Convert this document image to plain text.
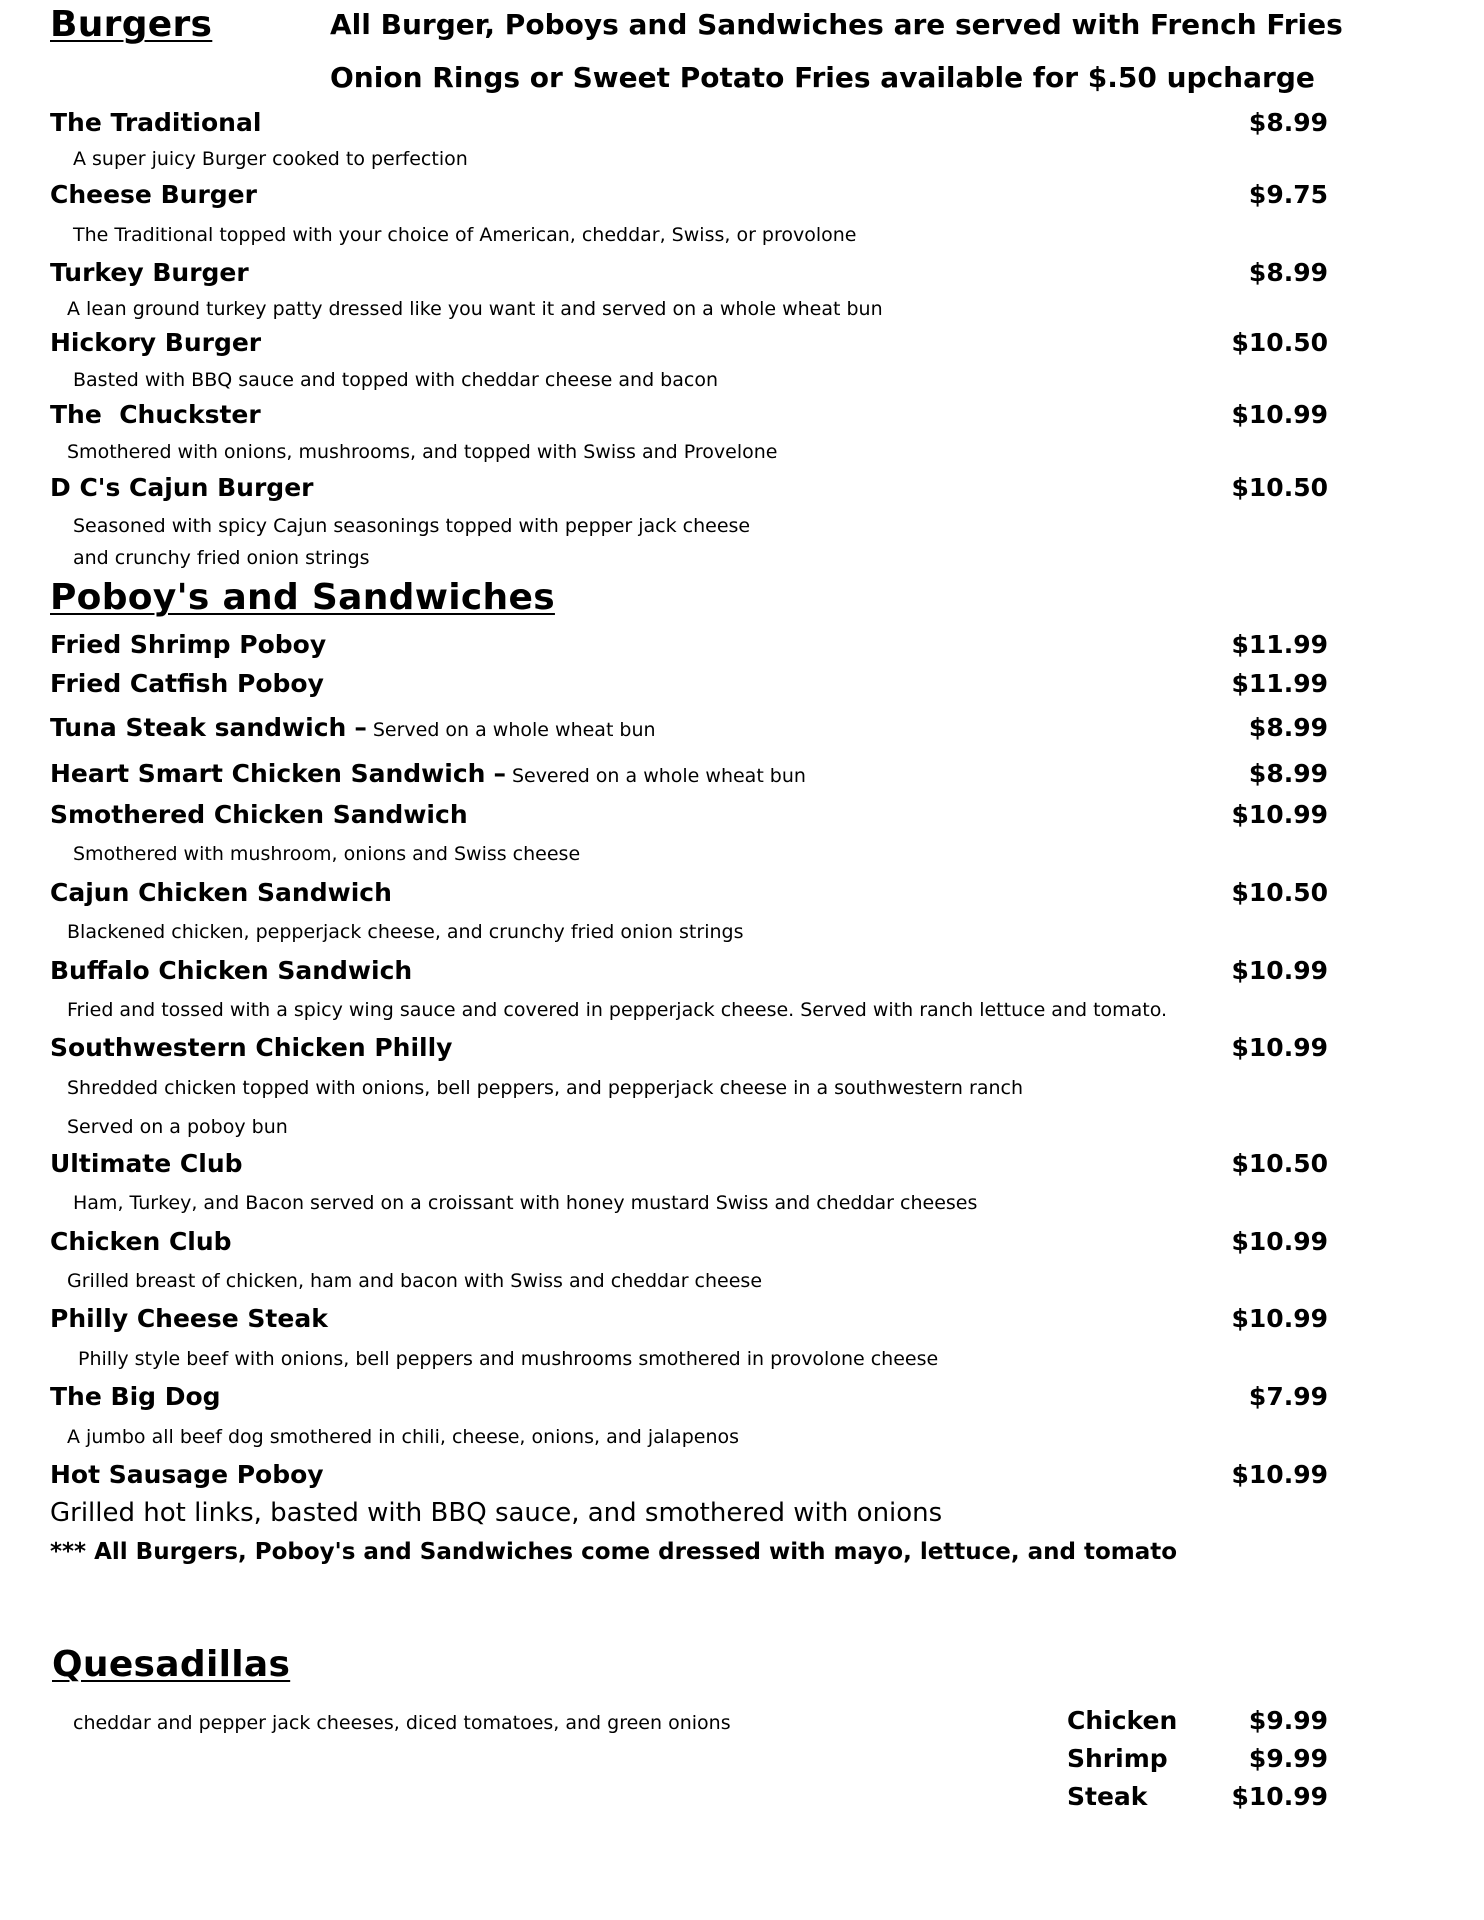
Burgers	All Burger, Poboys and Sandwiches are served with French Fries
Onion Rings or Sweet Potato Fries available for $.50 upcharge
The Traditional	$8.99
A super juicy Burger cooked to perfection
Cheese Burger	$9.75
The Traditional topped with your choice of American, cheddar, Swiss, or provolone
Turkey Burger	$8.99
A lean ground turkey patty dressed like you want it and served on a whole wheat bun
Hickory Burger	$10.50
Basted with BBQ sauce and topped with cheddar cheese and bacon
The  Chuckster	$10.99
Smothered with onions, mushrooms, and topped with Swiss and Provelone
D C's Cajun Burger	$10.50
Seasoned with spicy Cajun seasonings topped with pepper jack cheese
and crunchy fried onion strings
Poboy's and Sandwiches
Fried Shrimp Poboy	$11.99
Fried Catfish Poboy	$11.99
Tuna Steak sandwich – Served on a whole wheat bun	$8.99
Heart Smart Chicken Sandwich – Severed on a whole wheat bun	$8.99
Smothered Chicken Sandwich	$10.99
Smothered with mushroom, onions and Swiss cheese
Cajun Chicken Sandwich	$10.50
Blackened chicken, pepperjack cheese, and crunchy fried onion strings
Buffalo Chicken Sandwich	$10.99
Fried and tossed with a spicy wing sauce and covered in pepperjack cheese. Served with ranch lettuce and tomato.
Southwestern Chicken Philly	$10.99
Shredded chicken topped with onions, bell peppers, and pepperjack cheese in a southwestern ranch
Served on a poboy bun
Ultimate Club	$10.50
Ham, Turkey, and Bacon served on a croissant with honey mustard Swiss and cheddar cheeses
Chicken Club	$10.99
Grilled breast of chicken, ham and bacon with Swiss and cheddar cheese
Philly Cheese Steak	$10.99
Philly style beef with onions, bell peppers and mushrooms smothered in provolone cheese
The Big Dog	$7.99
A jumbo all beef dog smothered in chili, cheese, onions, and jalapenos
Hot Sausage Poboy	$10.99
Grilled hot links, basted with BBQ sauce, and smothered with onions
*** All Burgers, Poboy's and Sandwiches come dressed with mayo, lettuce, and tomato
Quesadillas
cheddar and pepper jack cheeses, diced tomatoes, and green onions	Chicken	$9.99
Shrimp	$9.99
Steak	$10.99
